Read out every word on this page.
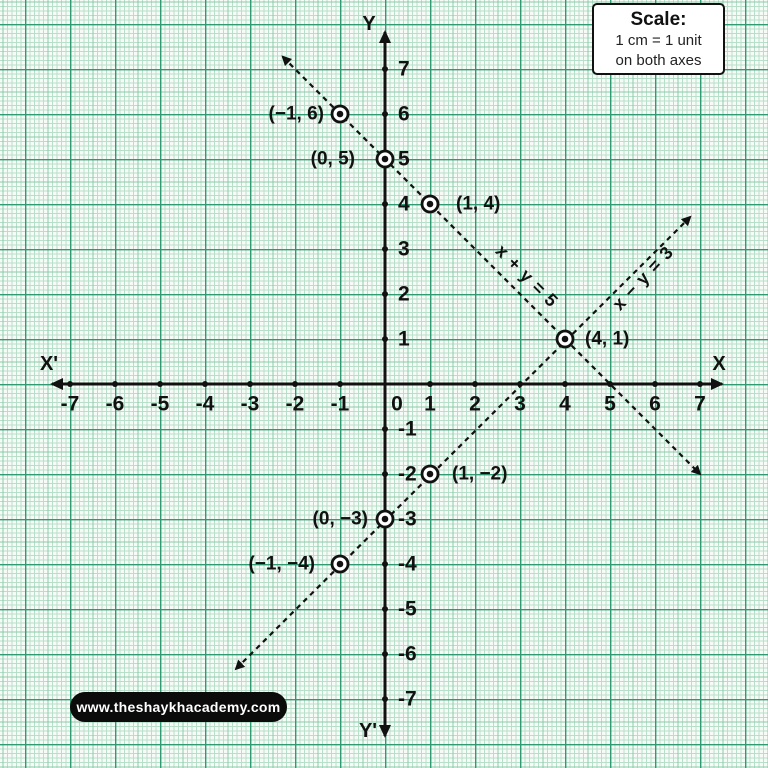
-7 -6 -5 -4 -3 -2 -1	1 2 3 4 5 6 7
0
7
6
5
4
3
2
1
-1
-2
-3
-4
-5
-6
-7
X'	X
Y
Y'
(−1, 6)
(0, 5)
(1, 4)
(4, 1)
(1, −2)
(0, −3)
(−1, −4)
x + y = 5	x − y = 3
Scale:
1 cm = 1 unit
on both axes
www.theshaykhacademy.com
